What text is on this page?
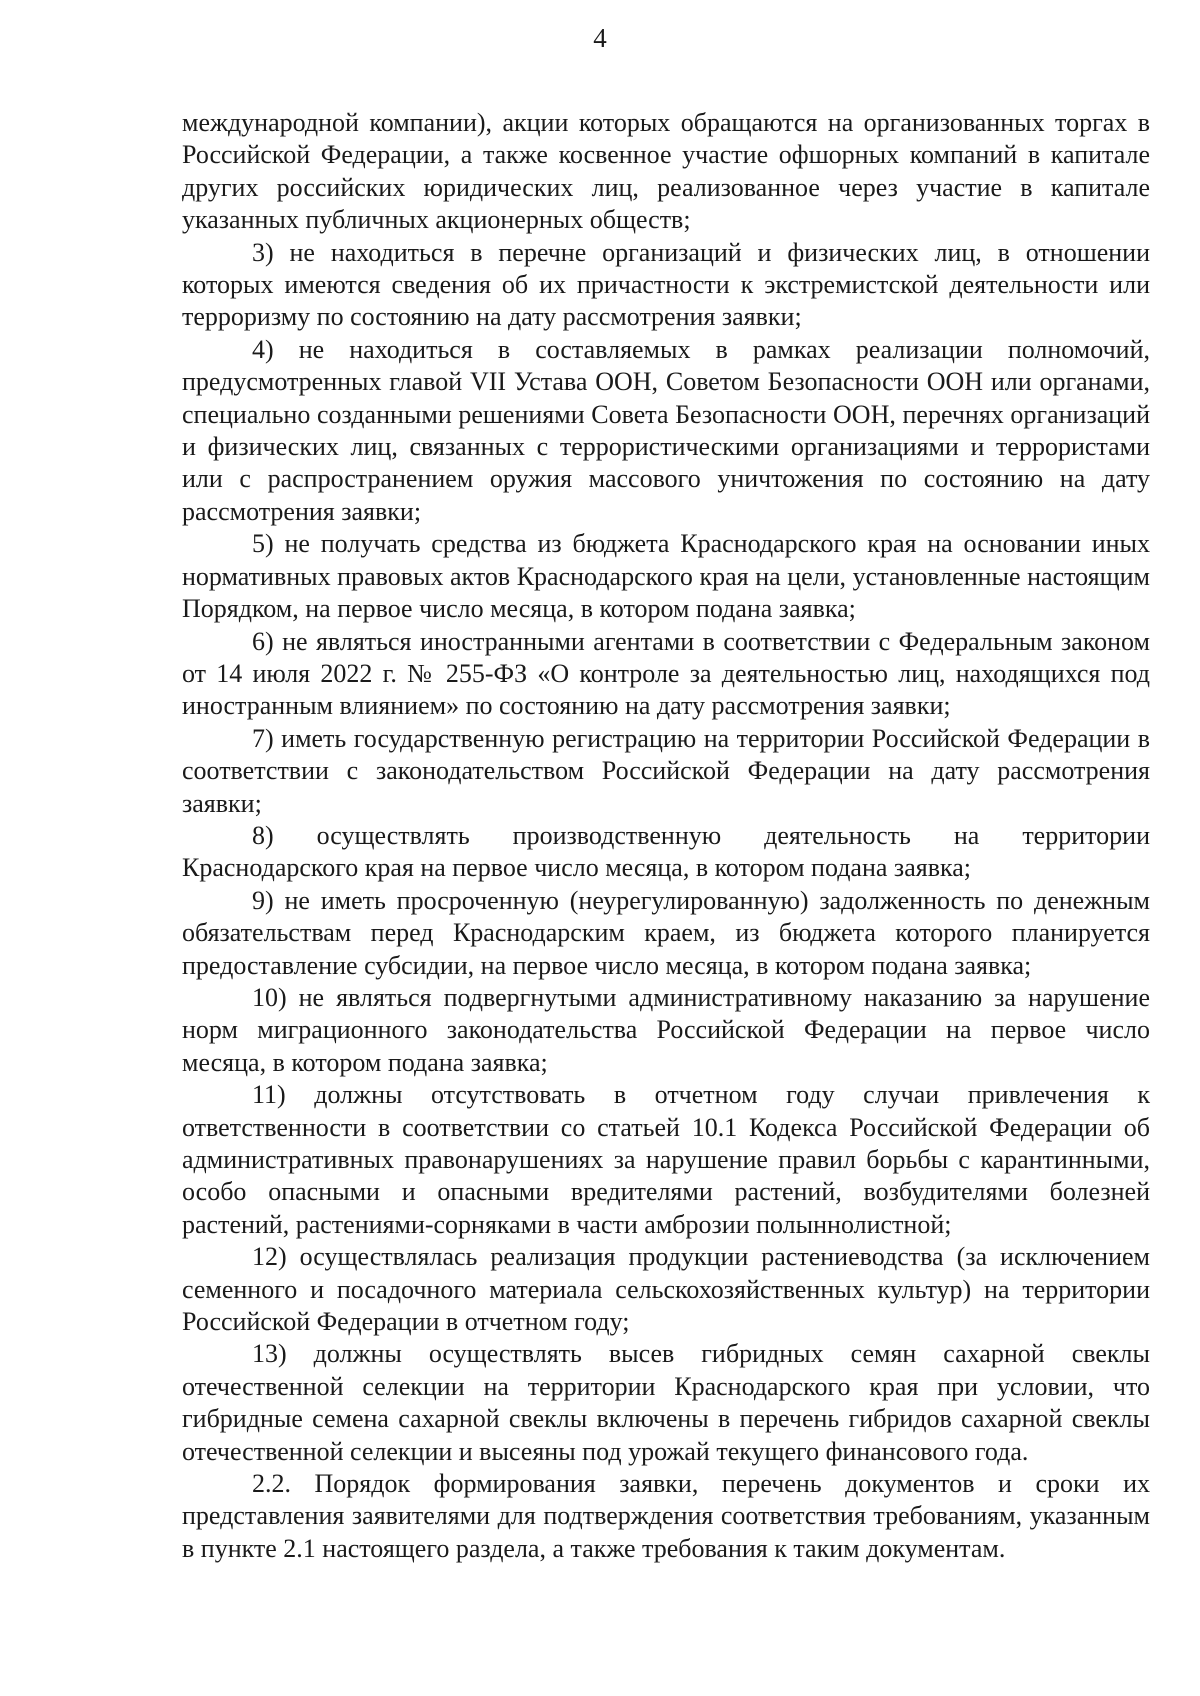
4

международной компании), акции которых обращаются на организованных торгах в Российской Федерации, а также косвенное участие офшорных компаний в капитале других российских юридических лиц, реализованное через участие в капитале указанных публичных акционерных обществ;

3) не находиться в перечне организаций и физических лиц, в отношении которых имеются сведения об их причастности к экстремистской деятельности или терроризму по состоянию на дату рассмотрения заявки;

4) не находиться в составляемых в рамках реализации полномочий, предусмотренных главой VII Устава ООН, Советом Безопасности ООН или органами, специально созданными решениями Совета Безопасности ООН, перечнях организаций и физических лиц, связанных с террористическими организациями и террористами или с распространением оружия массового уничтожения по состоянию на дату рассмотрения заявки;

5) не получать средства из бюджета Краснодарского края на основании иных нормативных правовых актов Краснодарского края на цели, установленные настоящим Порядком, на первое число месяца, в котором подана заявка;

6) не являться иностранными агентами в соответствии с Федеральным законом от 14 июля 2022 г. № 255-ФЗ «О контроле за деятельностью лиц, находящихся под иностранным влиянием» по состоянию на дату рассмотрения заявки;

7) иметь государственную регистрацию на территории Российской Федерации в соответствии с законодательством Российской Федерации на дату рассмотрения заявки;

8) осуществлять производственную деятельность на территории Краснодарского края на первое число месяца, в котором подана заявка;

9) не иметь просроченную (неурегулированную) задолженность по денежным обязательствам перед Краснодарским краем, из бюджета которого планируется предоставление субсидии, на первое число месяца, в котором подана заявка;

10) не являться подвергнутыми административному наказанию за нарушение норм миграционного законодательства Российской Федерации на первое число месяца, в котором подана заявка;

11) должны отсутствовать в отчетном году случаи привлечения к ответственности в соответствии со статьей 10.1 Кодекса Российской Федерации об административных правонарушениях за нарушение правил борьбы с карантинными, особо опасными и опасными вредителями растений, возбудителями болезней растений, растениями-сорняками в части амброзии полыннолистной;

12) осуществлялась реализация продукции растениеводства (за исключением семенного и посадочного материала сельскохозяйственных культур) на территории Российской Федерации в отчетном году;

13) должны осуществлять высев гибридных семян сахарной свеклы отечественной селекции на территории Краснодарского края при условии, что гибридные семена сахарной свеклы включены в перечень гибридов сахарной свеклы отечественной селекции и высеяны под урожай текущего финансового года.

2.2. Порядок формирования заявки, перечень документов и сроки их представления заявителями для подтверждения соответствия требованиям, указанным в пункте 2.1 настоящего раздела, а также требования к таким документам.
